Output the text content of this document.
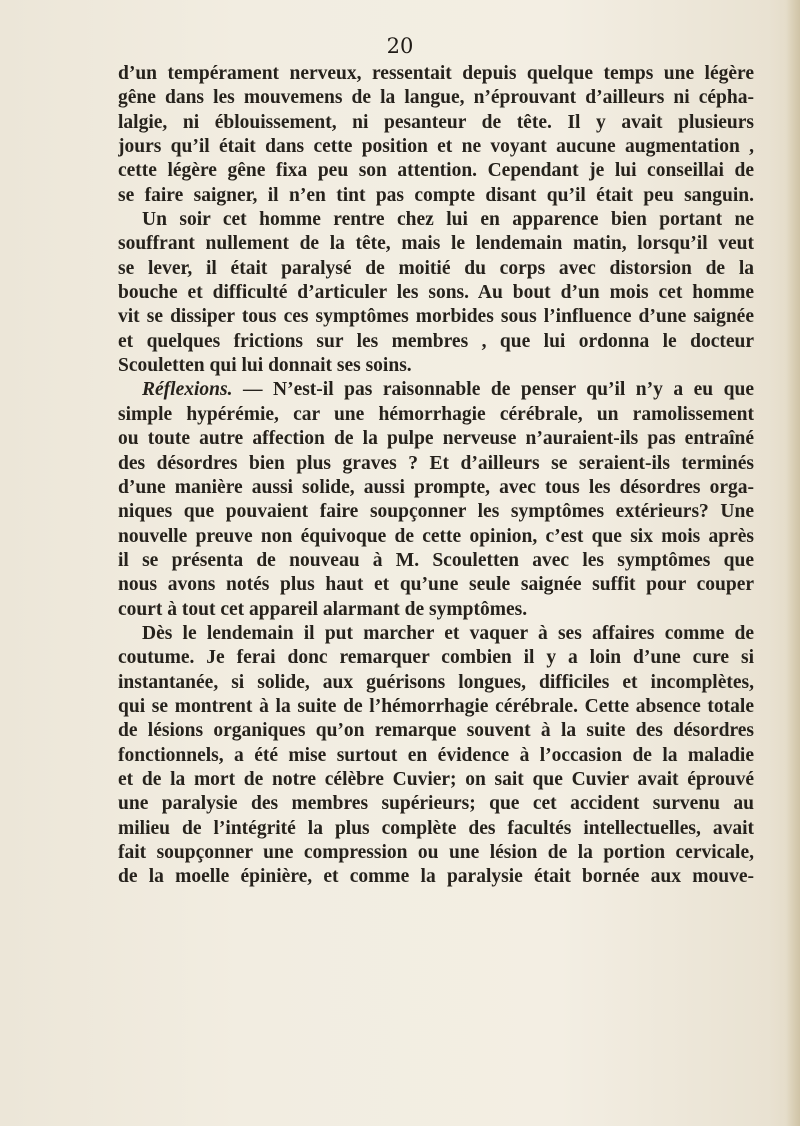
20
d’un tempérament nerveux, ressentait depuis quelque temps une légère
gêne dans les mouvemens de la langue, n’éprouvant d’ailleurs ni cépha-
lalgie, ni éblouissement, ni pesanteur de tête. Il y avait plusieurs
jours qu’il était dans cette position et ne voyant aucune augmentation ,
cette légère gêne fixa peu son attention. Cependant je lui conseillai de
se faire saigner, il n’en tint pas compte disant qu’il était peu sanguin.
Un soir cet homme rentre chez lui en apparence bien portant ne
souffrant nullement de la tête, mais le lendemain matin, lorsqu’il veut
se lever, il était paralysé de moitié du corps avec distorsion de la
bouche et difficulté d’articuler les sons. Au bout d’un mois cet homme
vit se dissiper tous ces symptômes morbides sous l’influence d’une saignée
et quelques frictions sur les membres , que lui ordonna le docteur
Scouletten qui lui donnait ses soins.
Réflexions. — N’est-il pas raisonnable de penser qu’il n’y a eu que
simple hypérémie, car une hémorrhagie cérébrale, un ramolissement
ou toute autre affection de la pulpe nerveuse n’auraient-ils pas entraîné
des désordres bien plus graves ? Et d’ailleurs se seraient-ils terminés
d’une manière aussi solide, aussi prompte, avec tous les désordres orga-
niques que pouvaient faire soupçonner les symptômes extérieurs? Une
nouvelle preuve non équivoque de cette opinion, c’est que six mois après
il se présenta de nouveau à M. Scouletten avec les symptômes que
nous avons notés plus haut et qu’une seule saignée suffit pour couper
court à tout cet appareil alarmant de symptômes.
Dès le lendemain il put marcher et vaquer à ses affaires comme de
coutume. Je ferai donc remarquer combien il y a loin d’une cure si
instantanée, si solide, aux guérisons longues, difficiles et incomplètes,
qui se montrent à la suite de l’hémorrhagie cérébrale. Cette absence totale
de lésions organiques qu’on remarque souvent à la suite des désordres
fonctionnels, a été mise surtout en évidence à l’occasion de la maladie
et de la mort de notre célèbre Cuvier; on sait que Cuvier avait éprouvé
une paralysie des membres supérieurs; que cet accident survenu au
milieu de l’intégrité la plus complète des facultés intellectuelles, avait
fait soupçonner une compression ou une lésion de la portion cervicale,
de la moelle épinière, et comme la paralysie était bornée aux mouve-
